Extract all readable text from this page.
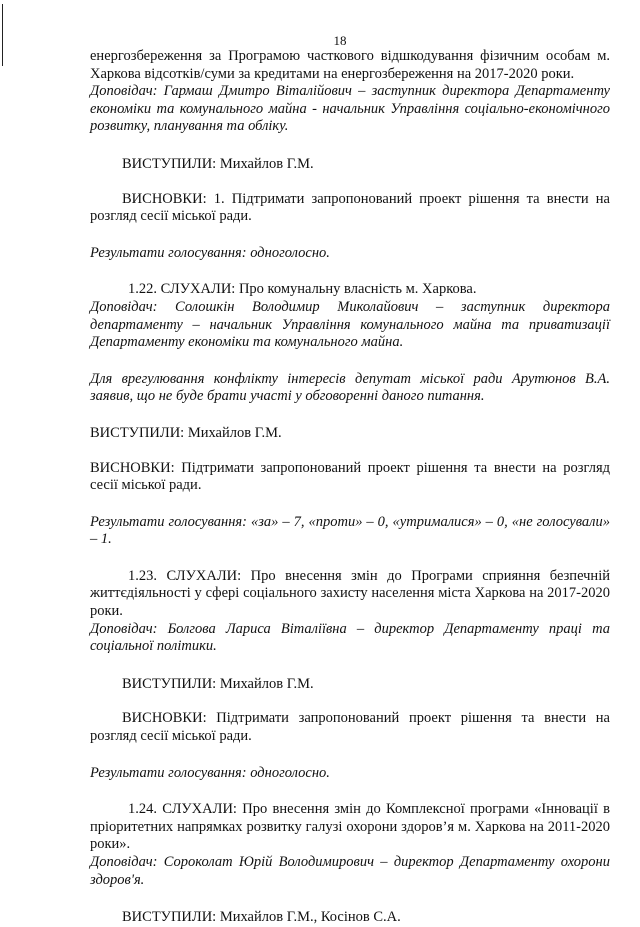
18

енергозбереження за Програмою часткового відшкодування фізичним особам м. Харкова відсотків/суми за кредитами на енергозбереження на 2017-2020 роки.

Доповідач: Гармаш Дмитро Віталійович – заступник директора Департаменту економіки та комунального майна - начальник Управління соціально-економічного розвитку, планування та обліку.

ВИСТУПИЛИ: Михайлов Г.М.

ВИСНОВКИ: 1. Підтримати запропонований проект рішення та внести на розгляд сесії міської ради.

Результати голосування: одноголосно.

1.22. СЛУХАЛИ: Про комунальну власність м. Харкова.

Доповідач: Солошкін Володимир Миколайович – заступник директора департаменту – начальник Управління комунального майна та приватизації Департаменту економіки та комунального майна.

Для врегулювання конфлікту інтересів депутат міської ради Арутюнов В.А. заявив, що не буде брати участі у обговоренні даного питання.

ВИСТУПИЛИ: Михайлов Г.М.

ВИСНОВКИ: Підтримати запропонований проект рішення та внести на розгляд сесії міської ради.

Результати голосування: «за» – 7, «проти» – 0, «утрималися» – 0, «не голосували» – 1.

1.23. СЛУХАЛИ: Про внесення змін до Програми сприяння безпечній життєдіяльності у сфері соціального захисту населення міста Харкова на 2017-2020 роки.

Доповідач: Болгова Лариса Віталіївна – директор Департаменту праці та соціальної політики.

ВИСТУПИЛИ: Михайлов Г.М.

ВИСНОВКИ: Підтримати запропонований проект рішення та внести на розгляд сесії міської ради.

Результати голосування: одноголосно.

1.24. СЛУХАЛИ: Про внесення змін до Комплексної програми «Інновації в пріоритетних напрямках розвитку галузі охорони здоров’я м. Харкова на 2011-2020 роки».

Доповідач: Сороколат Юрій Володимирович – директор Департаменту охорони здоров'я.

ВИСТУПИЛИ: Михайлов Г.М., Косінов С.А.
